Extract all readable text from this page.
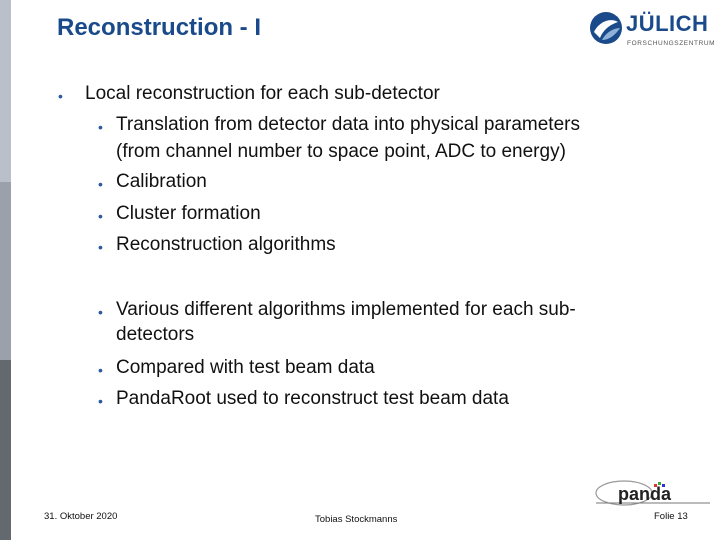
Reconstruction - I	JÜLICH
FORSCHUNGSZENTRUM
• Local reconstruction for each sub-detector
• Translation from detector data into physical parameters
(from channel number to space point, ADC to energy)
• Calibration
• Cluster formation
• Reconstruction algorithms
• Various different algorithms implemented for each sub-
detectors
• Compared with test beam data
• PandaRoot used to reconstruct test beam data
31. Oktober 2020	Tobias Stockmanns	Folie 13
panda
